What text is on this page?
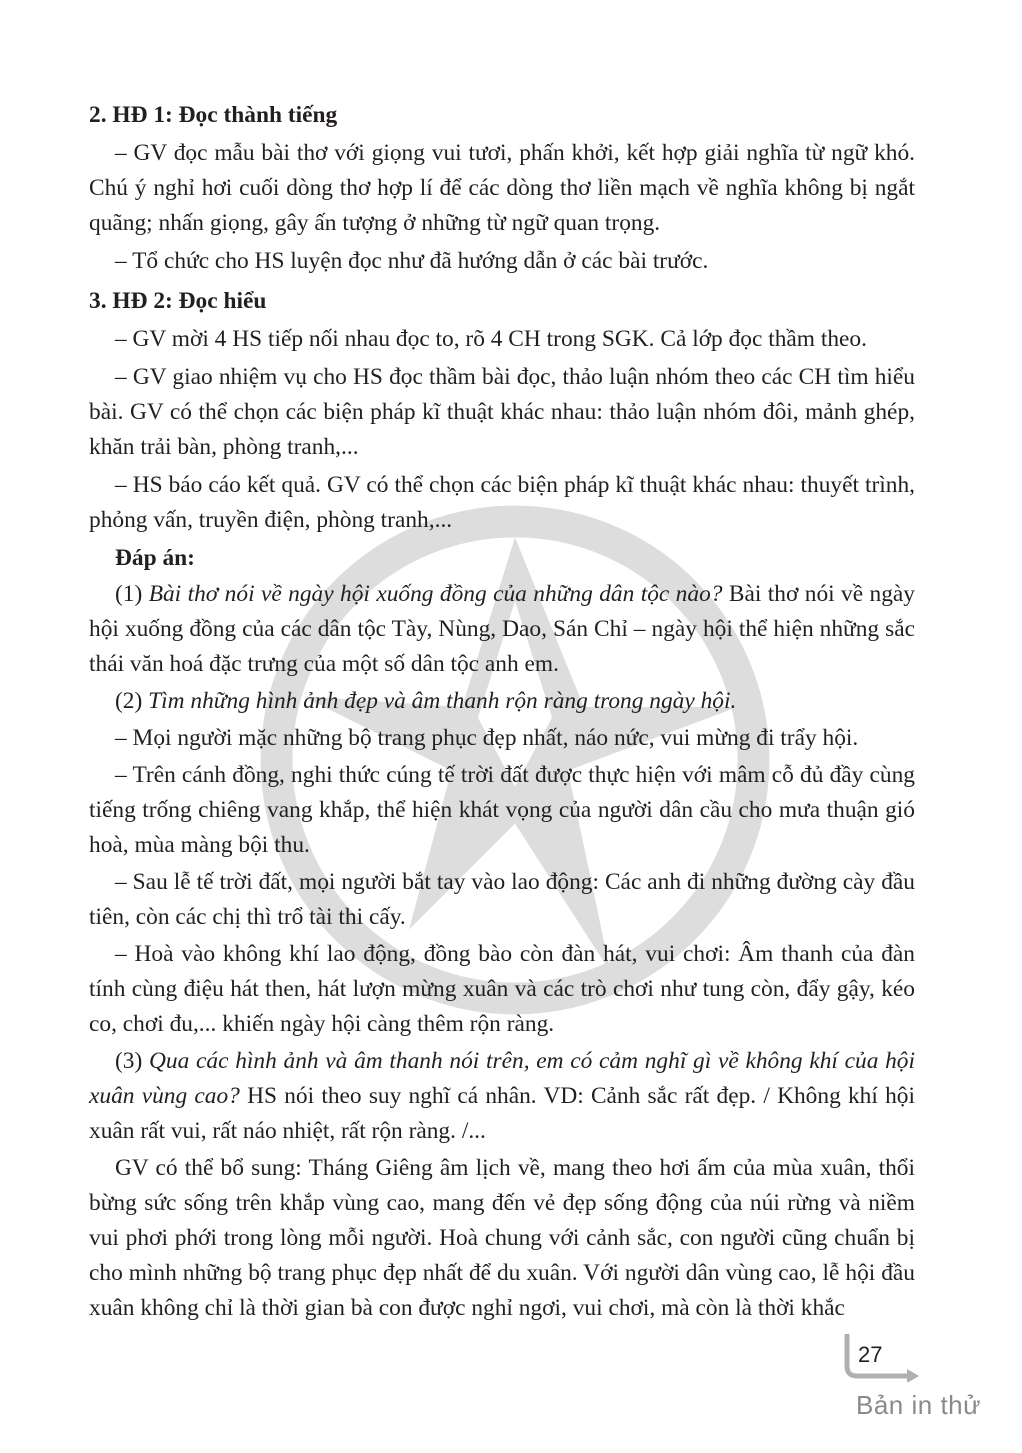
2. HĐ 1: Đọc thành tiếng

– GV đọc mẫu bài thơ với giọng vui tươi, phấn khởi, kết hợp giải nghĩa từ ngữ khó. Chú ý nghỉ hơi cuối dòng thơ hợp lí để các dòng thơ liền mạch về nghĩa không bị ngắt quãng; nhấn giọng, gây ấn tượng ở những từ ngữ quan trọng.

– Tổ chức cho HS luyện đọc như đã hướng dẫn ở các bài trước.

3. HĐ 2: Đọc hiểu

– GV mời 4 HS tiếp nối nhau đọc to, rõ 4 CH trong SGK. Cả lớp đọc thầm theo.

– GV giao nhiệm vụ cho HS đọc thầm bài đọc, thảo luận nhóm theo các CH tìm hiểu bài. GV có thể chọn các biện pháp kĩ thuật khác nhau: thảo luận nhóm đôi, mảnh ghép, khăn trải bàn, phòng tranh,...

– HS báo cáo kết quả. GV có thể chọn các biện pháp kĩ thuật khác nhau: thuyết trình, phỏng vấn, truyền điện, phòng tranh,...

Đáp án:

(1) Bài thơ nói về ngày hội xuống đồng của những dân tộc nào? Bài thơ nói về ngày hội xuống đồng của các dân tộc Tày, Nùng, Dao, Sán Chỉ – ngày hội thể hiện những sắc thái văn hoá đặc trưng của một số dân tộc anh em.

(2) Tìm những hình ảnh đẹp và âm thanh rộn ràng trong ngày hội.

– Mọi người mặc những bộ trang phục đẹp nhất, náo nức, vui mừng đi trẩy hội.

– Trên cánh đồng, nghi thức cúng tế trời đất được thực hiện với mâm cỗ đủ đầy cùng tiếng trống chiêng vang khắp, thể hiện khát vọng của người dân cầu cho mưa thuận gió hoà, mùa màng bội thu.

– Sau lễ tế trời đất, mọi người bắt tay vào lao động: Các anh đi những đường cày đầu tiên, còn các chị thì trổ tài thi cấy.

– Hoà vào không khí lao động, đồng bào còn đàn hát, vui chơi: Âm thanh của đàn tính cùng điệu hát then, hát lượn mừng xuân và các trò chơi như tung còn, đẩy gậy, kéo co, chơi đu,... khiến ngày hội càng thêm rộn ràng.

(3) Qua các hình ảnh và âm thanh nói trên, em có cảm nghĩ gì về không khí của hội xuân vùng cao? HS nói theo suy nghĩ cá nhân. VD: Cảnh sắc rất đẹp. / Không khí hội xuân rất vui, rất náo nhiệt, rất rộn ràng. /...

GV có thể bổ sung: Tháng Giêng âm lịch về, mang theo hơi ấm của mùa xuân, thổi bừng sức sống trên khắp vùng cao, mang đến vẻ đẹp sống động của núi rừng và niềm vui phơi phới trong lòng mỗi người. Hoà chung với cảnh sắc, con người cũng chuẩn bị cho mình những bộ trang phục đẹp nhất để du xuân. Với người dân vùng cao, lễ hội đầu xuân không chỉ là thời gian bà con được nghỉ ngơi, vui chơi, mà còn là thời khắc

27
Bản in thử
